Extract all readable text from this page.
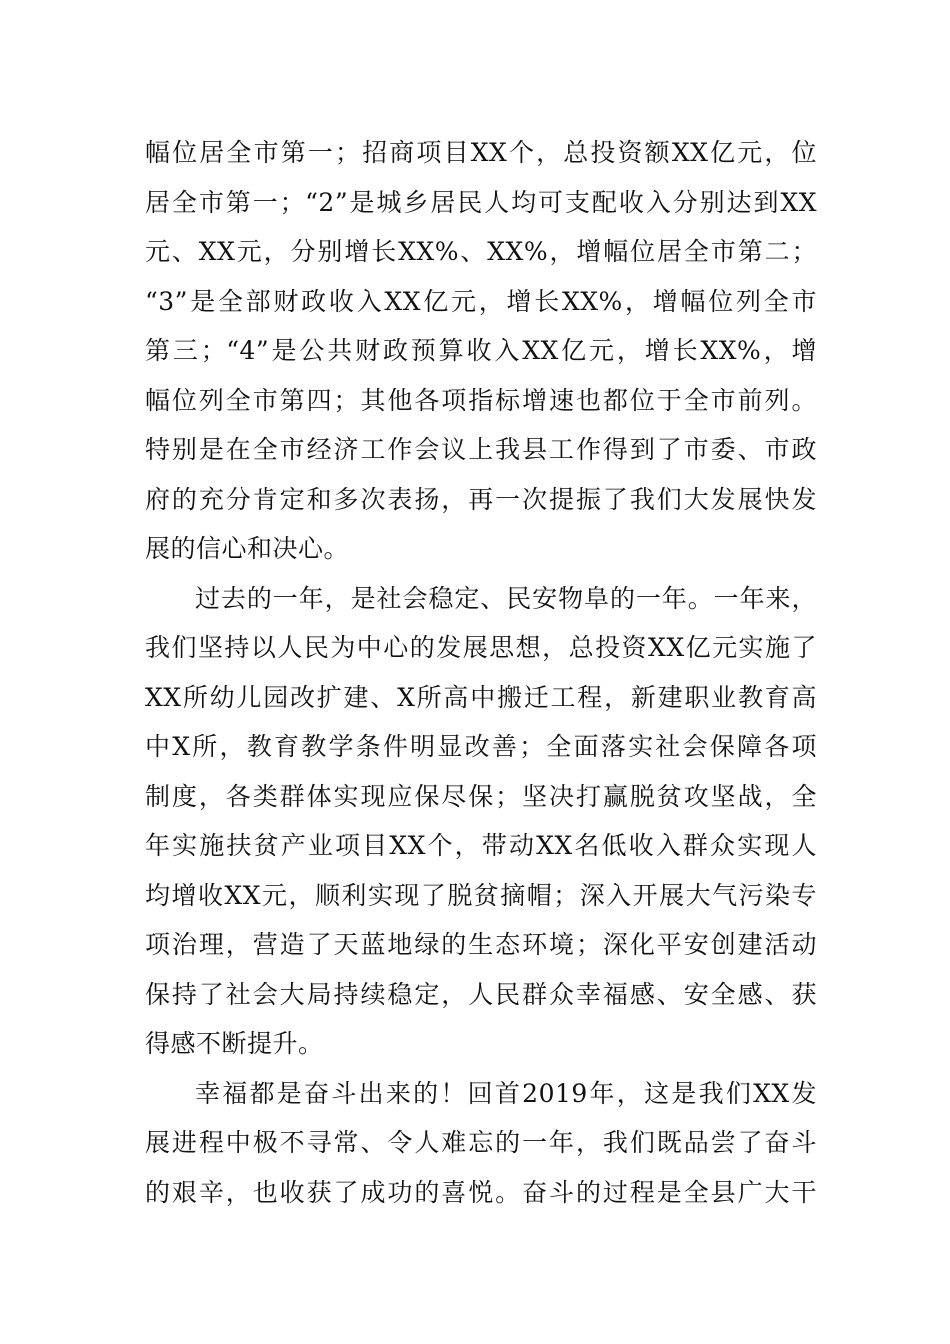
幅位居全市第一；招商项目XX个，总投资额XX亿元，位
居全市第一；“2”是城乡居民人均可支配收入分别达到XX
元、XX元，分别增长XX%、XX%，增幅位居全市第二；
“3”是全部财政收入XX亿元，增长XX%，增幅位列全市
第三；“4”是公共财政预算收入XX亿元，增长XX%，增
幅位列全市第四；其他各项指标增速也都位于全市前列。
特别是在全市经济工作会议上我县工作得到了市委、市政
府的充分肯定和多次表扬，再一次提振了我们大发展快发
展的信心和决心。
过去的一年，是社会稳定、民安物阜的一年。一年来，
我们坚持以人民为中心的发展思想，总投资XX亿元实施了
XX所幼儿园改扩建、X所高中搬迁工程，新建职业教育高
中X所，教育教学条件明显改善；全面落实社会保障各项
制度，各类群体实现应保尽保；坚决打赢脱贫攻坚战，全
年实施扶贫产业项目XX个，带动XX名低收入群众实现人
均增收XX元，顺利实现了脱贫摘帽；深入开展大气污染专
项治理，营造了天蓝地绿的生态环境；深化平安创建活动
保持了社会大局持续稳定，人民群众幸福感、安全感、获
得感不断提升。
幸福都是奋斗出来的！回首2019年，这是我们XX发
展进程中极不寻常、令人难忘的一年，我们既品尝了奋斗
的艰辛，也收获了成功的喜悦。奋斗的过程是全县广大干
